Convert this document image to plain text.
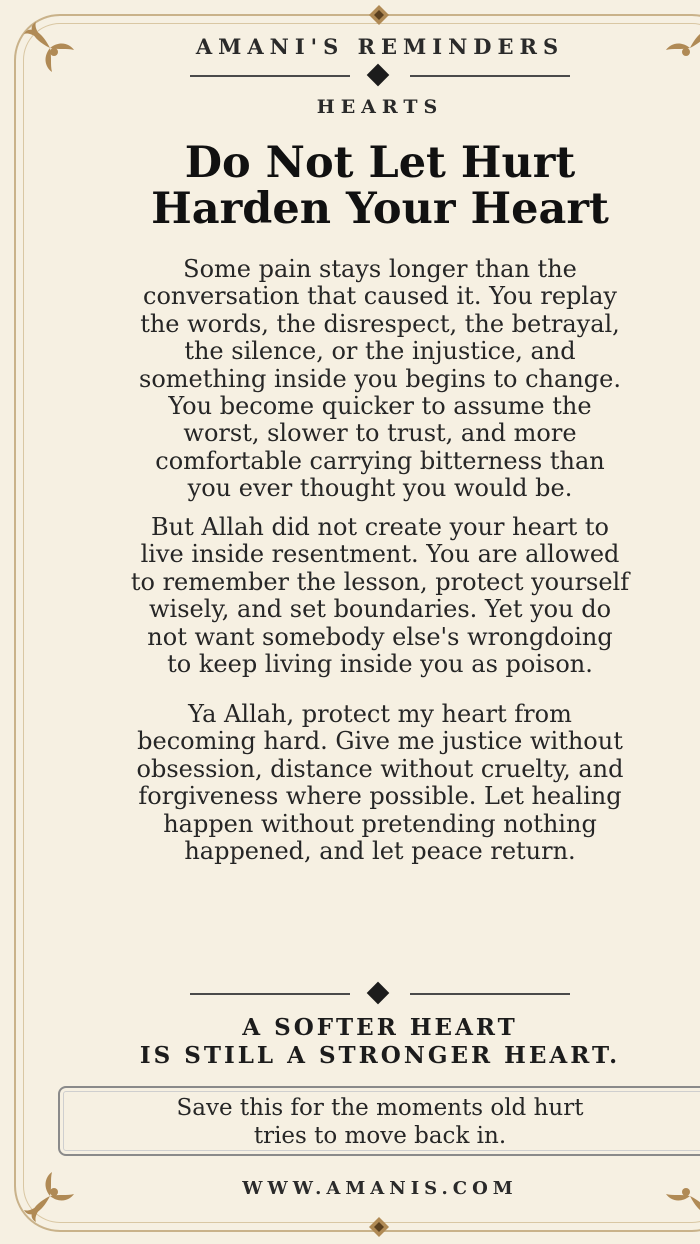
AMANI'S REMINDERS
HEARTS
Do Not Let Hurt
Harden Your Heart
Some pain stays longer than the
conversation that caused it. You replay
the words, the disrespect, the betrayal,
the silence, or the injustice, and
something inside you begins to change.
You become quicker to assume the
worst, slower to trust, and more
comfortable carrying bitterness than
you ever thought you would be.
But Allah did not create your heart to
live inside resentment. You are allowed
to remember the lesson, protect yourself
wisely, and set boundaries. Yet you do
not want somebody else's wrongdoing
to keep living inside you as poison.
Ya Allah, protect my heart from
becoming hard. Give me justice without
obsession, distance without cruelty, and
forgiveness where possible. Let healing
happen without pretending nothing
happened, and let peace return.
A SOFTER HEART
IS STILL A STRONGER HEART.
Save this for the moments old hurt
tries to move back in.
WWW.AMANIS.COM
